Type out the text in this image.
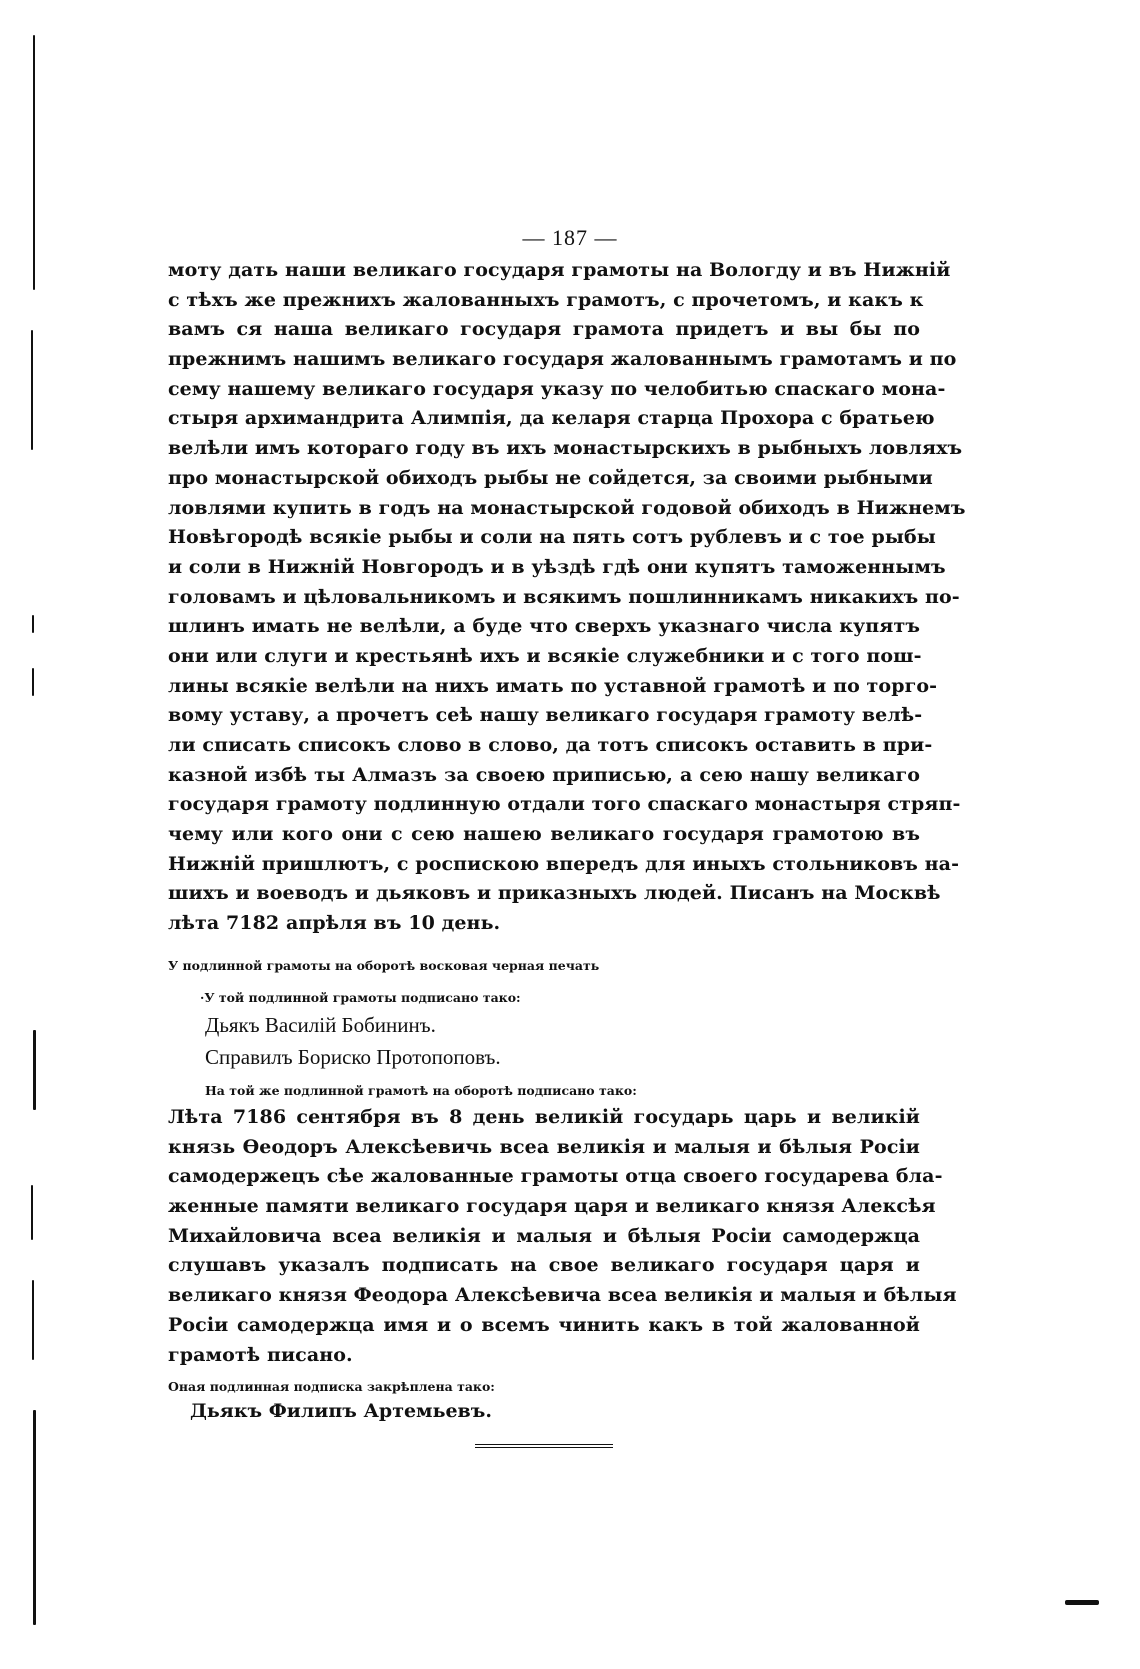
— 187 —
моту дать наши великаго государя грамоты на Вологду и въ Нижній
с тѣхъ же прежнихъ жалованныхъ грамотъ, с прочетомъ, и какъ к
вамъ ся наша великаго государя грамота придетъ и вы бы по
прежнимъ нашимъ великаго государя жалованнымъ грамотамъ и по
сему нашему великаго государя указу по челобитью спаскаго мона-
стыря архимандрита Алимпія, да келаря старца Прохора с братьею
велѣли имъ котораго году въ ихъ монастырскихъ в рыбныхъ ловляхъ
про монастырской обиходъ рыбы не сойдется, за своими рыбными
ловлями купить в годъ на монастырской годовой обиходъ в Нижнемъ
Новѣгородѣ всякіе рыбы и соли на пять сотъ рублевъ и с тое рыбы
и соли в Нижній Новгородъ и в уѣздѣ гдѣ они купятъ таможеннымъ
головамъ и цѣловальникомъ и всякимъ пошлинникамъ никакихъ по-
шлинъ имать не велѣли, а буде что сверхъ указнаго числа купятъ
они или слуги и крестьянѣ ихъ и всякіе служебники и с того пош-
лины всякіе велѣли на нихъ имать по уставной грамотѣ и по торго-
вому уставу, а прочетъ сеѣ нашу великаго государя грамоту велѣ-
ли списать списокъ слово в слово, да тотъ списокъ оставить в при-
казной избѣ ты Алмазъ за своею приписью, а сею нашу великаго
государя грамоту подлинную отдали того спаскаго монастыря стряп-
чему или кого они с сею нашею великаго государя грамотою въ
Нижній пришлютъ, с роспискою впередъ для иныхъ стольниковъ на-
шихъ и воеводъ и дьяковъ и приказныхъ людей. Писанъ на Москвѣ
лѣта 7182 апрѣля въ 10 день.
У подлинной грамоты на оборотѣ восковая черная печать
·У той подлинной грамоты подписано тако:
Дьякъ Василій Бобининъ.
Справилъ Бориско Протопоповъ.
На той же подлинной грамотѣ на оборотѣ подписано тако:
Лѣта 7186 сентября въ 8 день великій государь царь и великій
князь Ѳеодоръ Алексѣевичь всеа великія и малыя и бѣлыя Росіи
самодержецъ сѣе жалованные грамоты отца своего государева бла-
женные памяти великаго государя царя и великаго князя Алексѣя
Михайловича всеа великія и малыя и бѣлыя Росіи самодержца
слушавъ указалъ подписать на свое великаго государя царя и
великаго князя Феодора Алексѣевича всеа великія и малыя и бѣлыя
Росіи самодержца имя и о всемъ чинить какъ в той жалованной
грамотѣ писано.
Оная подлинная подписка закрѣплена тако:
Дьякъ Филипъ Артемьевъ.
